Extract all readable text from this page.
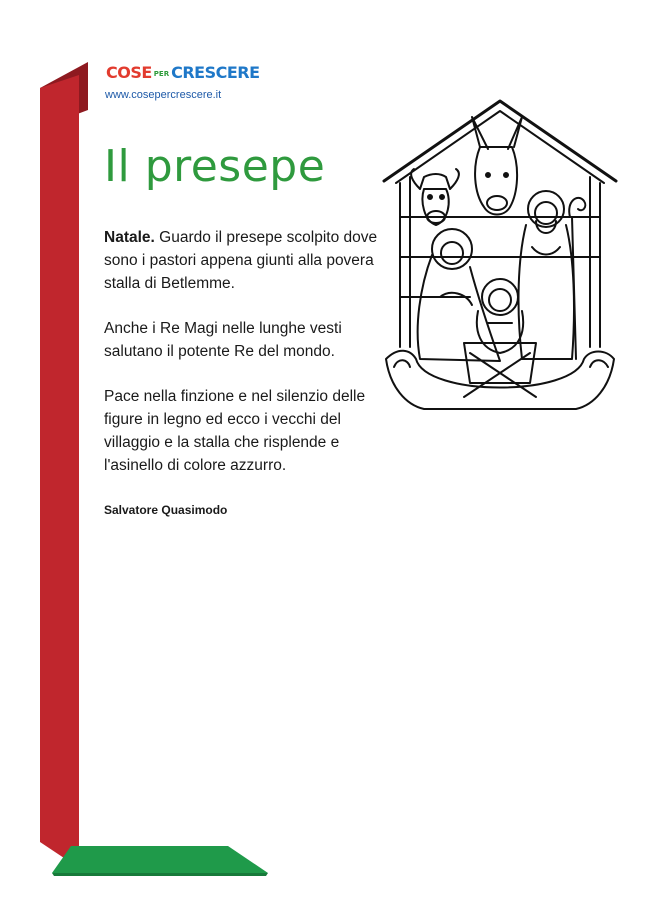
COSE PER CRESCERE
www.cosepercrescere.it
Il presepe

Natale. Guardo il presepe scolpito dove sono i pastori appena giunti alla povera stalla di Betlemme.

Anche i Re Magi nelle lunghe vesti salutano il potente Re del mondo.

Pace nella finzione e nel silenzio delle figure in legno ed ecco i vecchi del villaggio e la stalla che risplende e l'asinello di colore azzurro.

Salvatore Quasimodo
